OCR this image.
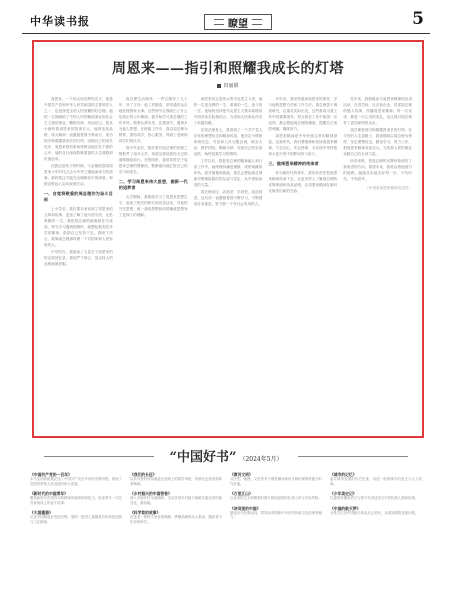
中华读书报	瞭望	5
周恩来——指引和照耀我成长的灯塔
田丽娟

周恩来，一个伟大而光辉的名字。他是中国共产党和中华人民共和国的主要领导人之一，也是深受全国人民爱戴的好总理。他把一生都献给了中国人民的解放事业和社会主义建设事业，鞠躬尽瘁，死而后已。我从小就听着周恩来的故事长大，他的崇高品格、伟大精神一直激励着我不断前行，成为指引和照耀我成长的灯塔。回顾自己的成长经历，周恩来的形象始终鲜活地存在于我的心中，他的言行深深影响着我的人生道路和价值追求。

在我还是孩子的时候，父亲便给我讲周恩来少年时代立志为中华之崛起而读书的故事。那时我还不能完全理解其中的深意，却被这种远大志向深深打动。

一、自觉将敬爱的周总理作为奋斗目标

上小学后，我在课本里读到了周恩来的文章和故事，更加了解了他为国为民、无私奉献的一生。我把周总理的画像贴在书桌前，每当学习遇到困难时，就想起他刻苦求学的精神，鼓励自己坚持下去。我暗下决心，要像周总理那样做一个对国家和人民有用的人。

中学时代，我阅读了大量关于周恩来的传记和回忆录，被他严于律己、宽以待人的品格深深折服。

周总理生活简朴，一件衣服穿了几十年，补了又补；他工作勤奋，常常通宵达旦地处理国家大事。这些细节让我明白了什么是真正的公仆精神。我开始学习周总理的工作作风，做事认真负责，注重细节，遇事多为他人着想。在班级工作中，我以周总理为榜样，团结同学，热心服务，得到了老师和同学们的认可。

高中毕业后，我怀着对周总理的崇敬之情报考了南开大学，希望沿着他曾经走过的道路继续前行。在校园里，我常常驻足于周恩来总理的塑像前，默默地向他汇报自己的学习和成长。

二、学习周恩来伟大思想，做新一代的追梦者

大学期间，我系统学习了周恩来思想生平，参加了相关的研究和宣讲活动，对他的外交思想、统一战线思想和治国理政思想有了更深入的理解。

周恩来同志是伟大的马克思主义者，他的一生是光辉的一生、革命的一生、战斗的一生。他始终坚持把马克思主义基本原理同中国具体实际相结合，为党和人民事业作出了卓越贡献。

在周总理身上，我看到了一个共产党人应有的理想信念和精神风范。他坚定不移的革命信念，对党和人民无限忠诚，顾全大局，维护团结，鞠躬尽瘁，死而后已的崇高品格，始终是我学习的榜样。

工作以后，我把周总理的精神融入到日常工作中，始终保持谦虚谨慎、戒骄戒躁的作风。面对困难和挑战，我总会想起周总理面对艰难险阻时的从容与坚定，从中汲取前进的力量。

周总理说过：活到老，学到老，改造到老。这句话一直激励着我不断学习，不断提高自身素质，努力做一个对社会有用的人。

多年来，我坚持阅读周恩来的著作，学习他的思想方法和工作方法。周总理善于调查研究，注重从实际出发，这些都成为我工作中的重要指导。每当我在工作中取得一点成绩，都会想起周总理的谦逊，提醒自己戒骄戒躁，继续努力。

周恩来精神是中华民族宝贵的精神财富。在新时代，我们要继承和发扬周恩来精神，不忘初心，牢记使命，为实现中华民族伟大复兴的中国梦而努力奋斗。

三、做周恩来精神的传承者

作为新时代的青年，我们有责任把周恩来精神传承下去，让更多的人了解周总理的光辉事迹和崇高品格，让周恩来精神在新时代焕发出新的光彩。

近年来，我积极参与周恩来精神的宣讲活动，走进学校、社区和企业，讲述周总理的感人故事，传播周恩来精神。每一次宣讲，都是一次心灵的洗礼，也让我对周总理有了更加深刻的认识。

周总理是指引和照耀我成长的灯塔。在今后的人生道路上，我将继续以周总理为榜样，坚定理想信念，勤奋学习，努力工作，把周恩来精神发扬光大，为党和人民的事业贡献自己的全部力量。

回首来路，是周总理的光辉形象照亮了我前进的方向；展望未来，我将沿着他指引的道路，踏踏实实地走好每一步，不负时代，不负韶华。

（作者系周恩来精神宣讲员）

“中国好书” （2024年5月）
《中国共产党的一百年》
本书全面系统地记述了中国共产党百年来的光辉历程，展现了党团结带领人民创造的伟大成就。
《新时代的中国青年》
聚焦新时代中国青年的精神风貌和使命担当，讲述青年一代在各条战线上的奋斗故事。
《大国重器》
记录中国制造业发展历程，展现一批国之重器背后的科技创新与工匠精神。
《我们的长征》
以亲历者的视角重温长征路上的艰苦卓绝，传承红色基因和革命精神。
《乡村振兴的中国答卷》
深入多地乡村实地调研，生动呈现乡村振兴战略实施以来的新变化、新面貌。
《科学家的故事》
讲述老一辈科学家爱国奉献、勇攀高峰的动人事迹，激励青少年崇尚科学。
《黄河文明》
从历史、地理、文化等多个维度解读黄河文明的深厚底蕴与时代价值。
《万里江山》
以优美的文字和精美的图片展现祖国的壮美山河与多彩风物。
《诗词里的中国》
精选历代经典诗词，带领读者领略中华优秀传统文化的独特魅力。
《城市的记忆》
追寻城市发展的历史足迹，讲述一座座城市的变迁与人文故事。
《少年读史记》
以通俗易懂的语言为青少年讲述史记中的经典人物和故事。
《中国的航天梦》
全景式记录中国航天事业从无到有、从弱到强的发展历程。
